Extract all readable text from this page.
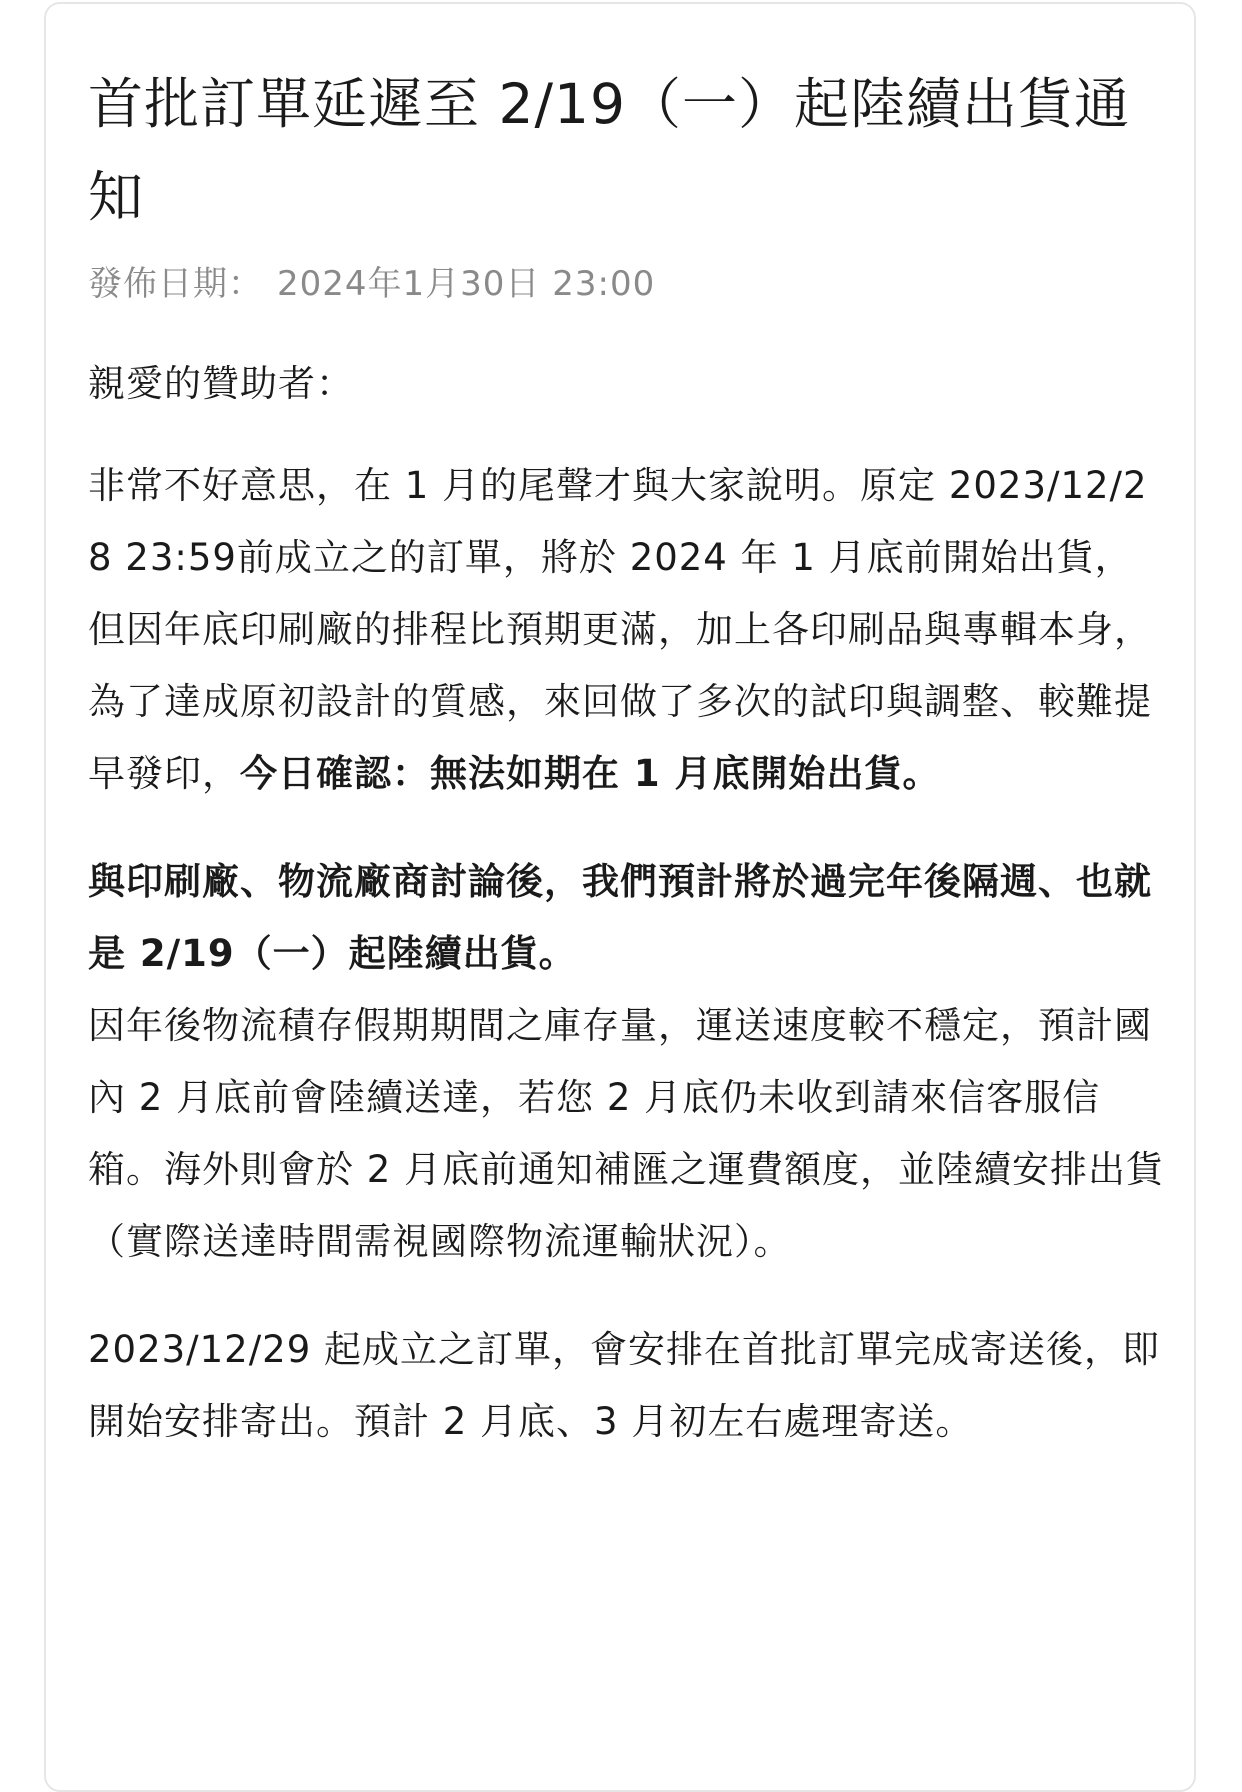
首批訂單延遲至 2/19（一）起陸續出貨通知
發佈日期： 2024年1月30日 23:00

親愛的贊助者：

非常不好意思，在 1 月的尾聲才與大家說明。原定 2023/12/28 23:59前成立之的訂單，將於 2024 年 1 月底前開始出貨，但因年底印刷廠的排程比預期更滿，加上各印刷品與專輯本身，為了達成原初設計的質感，來回做了多次的試印與調整、較難提早發印，今日確認：無法如期在 1 月底開始出貨。

與印刷廠、物流廠商討論後，我們預計將於過完年後隔週、也就是 2/19（一）起陸續出貨。

因年後物流積存假期期間之庫存量，運送速度較不穩定，預計國內 2 月底前會陸續送達，若您 2 月底仍未收到請來信客服信箱。海外則會於 2 月底前通知補匯之運費額度，並陸續安排出貨（實際送達時間需視國際物流運輸狀況）。

2023/12/29 起成立之訂單，會安排在首批訂單完成寄送後，即開始安排寄出。預計 2 月底、3 月初左右處理寄送。
